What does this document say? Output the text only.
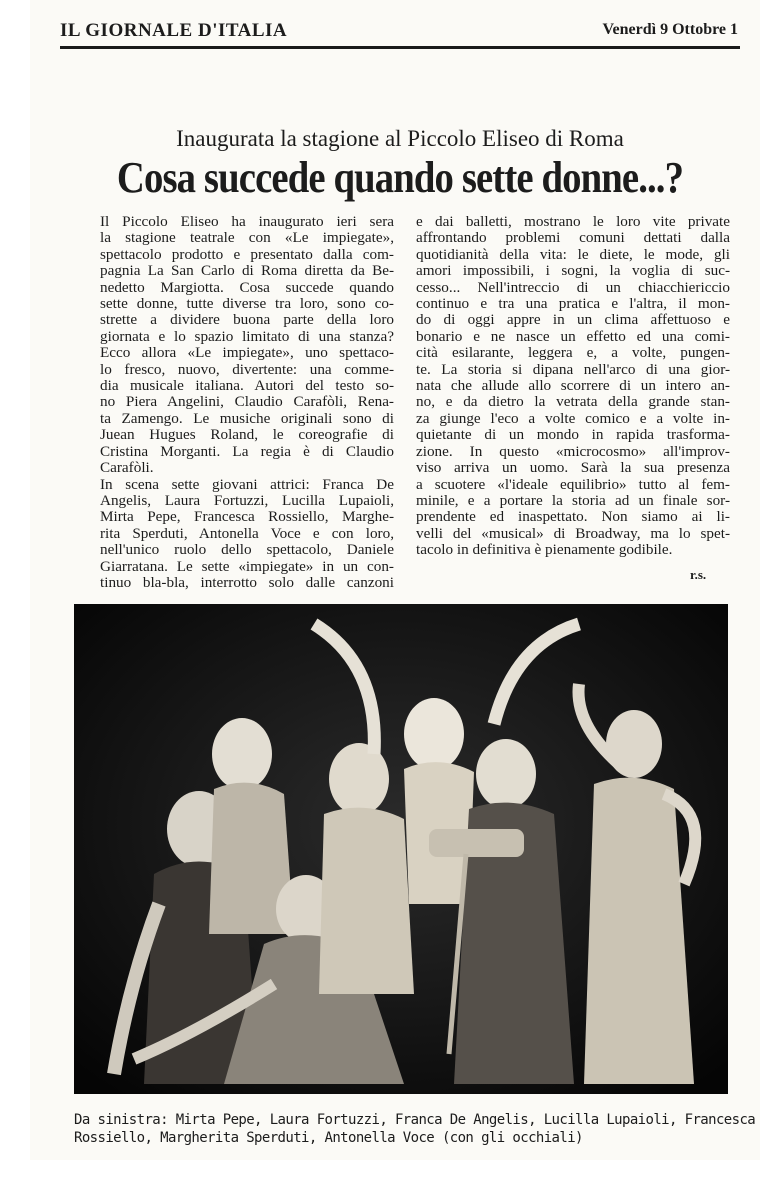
IL GIORNALE D'ITALIA	Venerdì 9 Ottobre 1
Inaugurata la stagione al Piccolo Eliseo di Roma
Cosa succede quando sette donne...?

Il Piccolo Eliseo ha inaugurato ieri sera
la stagione teatrale con «Le impiegate»,
spettacolo prodotto e presentato dalla com-
pagnia La San Carlo di Roma diretta da Be-
nedetto Margiotta. Cosa succede quando
sette donne, tutte diverse tra loro, sono co-
strette a dividere buona parte della loro
giornata e lo spazio limitato di una stanza?
Ecco allora «Le impiegate», uno spettaco-
lo fresco, nuovo, divertente: una comme-
dia musicale italiana. Autori del testo so-
no Piera Angelini, Claudio Carafòli, Rena-
ta Zamengo. Le musiche originali sono di
Juean Hugues Roland, le coreografie di
Cristina Morganti. La regia è di Claudio
Carafòli.

In scena sette giovani attrici: Franca De
Angelis, Laura Fortuzzi, Lucilla Lupaioli,
Mirta Pepe, Francesca Rossiello, Marghe-
rita Sperduti, Antonella Voce e con loro,
nell'unico ruolo dello spettacolo, Daniele
Giarratana. Le sette «impiegate» in un con-
tinuo bla-bla, interrotto solo dalle canzoni

e dai balletti, mostrano le loro vite private
affrontando problemi comuni dettati dalla
quotidianità della vita: le diete, le mode, gli
amori impossibili, i sogni, la voglia di suc-
cesso... Nell'intreccio di un chiacchiericcio
continuo e tra una pratica e l'altra, il mon-
do di oggi appre in un clima affettuoso e
bonario e ne nasce un effetto ed una comi-
cità esilarante, leggera e, a volte, pungen-
te. La storia si dipana nell'arco di una gior-
nata che allude allo scorrere di un intero an-
no, e da dietro la vetrata della grande stan-
za giunge l'eco a volte comico e a volte in-
quietante di un mondo in rapida trasforma-
zione. In questo «microcosmo» all'improv-
viso arriva un uomo. Sarà la sua presenza
a scuotere «l'ideale equilibrio» tutto al fem-
minile, e a portare la storia ad un finale sor-
prendente ed inaspettato. Non siamo ai li-
velli del «musical» di Broadway, ma lo spet-
tacolo in definitiva è pienamente godibile.

r.s.
Da sinistra: Mirta Pepe, Laura Fortuzzi, Franca De Angelis, Lucilla Lupaioli, Francesca
Rossiello, Margherita Sperduti, Antonella Voce (con gli occhiali)
